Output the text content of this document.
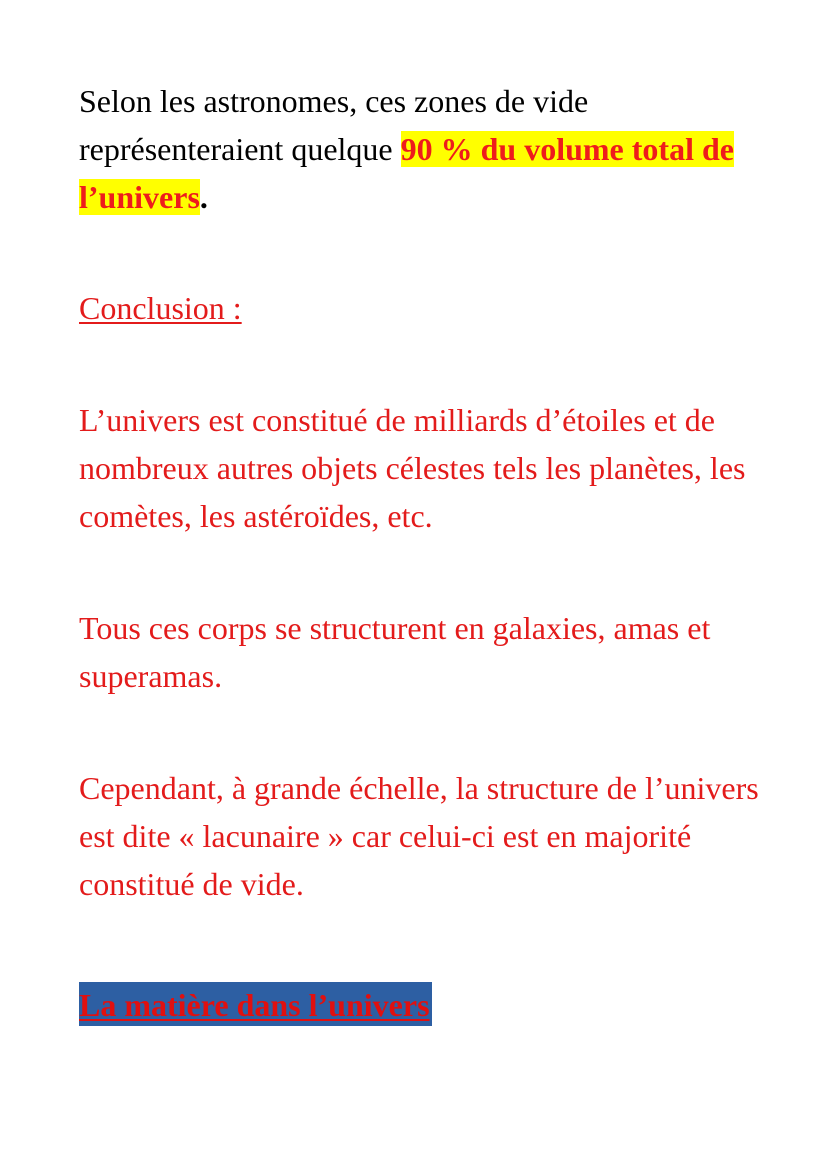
Selon les astronomes, ces zones de vide représenteraient quelque 90 % du volume total de l’univers.

Conclusion :

L’univers est constitué de milliards d’étoiles et de nombreux autres objets célestes tels les planètes, les comètes, les astéroïdes, etc.

Tous ces corps se structurent en galaxies, amas et superamas.

Cependant, à grande échelle, la structure de l’univers est dite « lacunaire » car celui-ci est en majorité constitué de vide.

La matière dans l’univers
